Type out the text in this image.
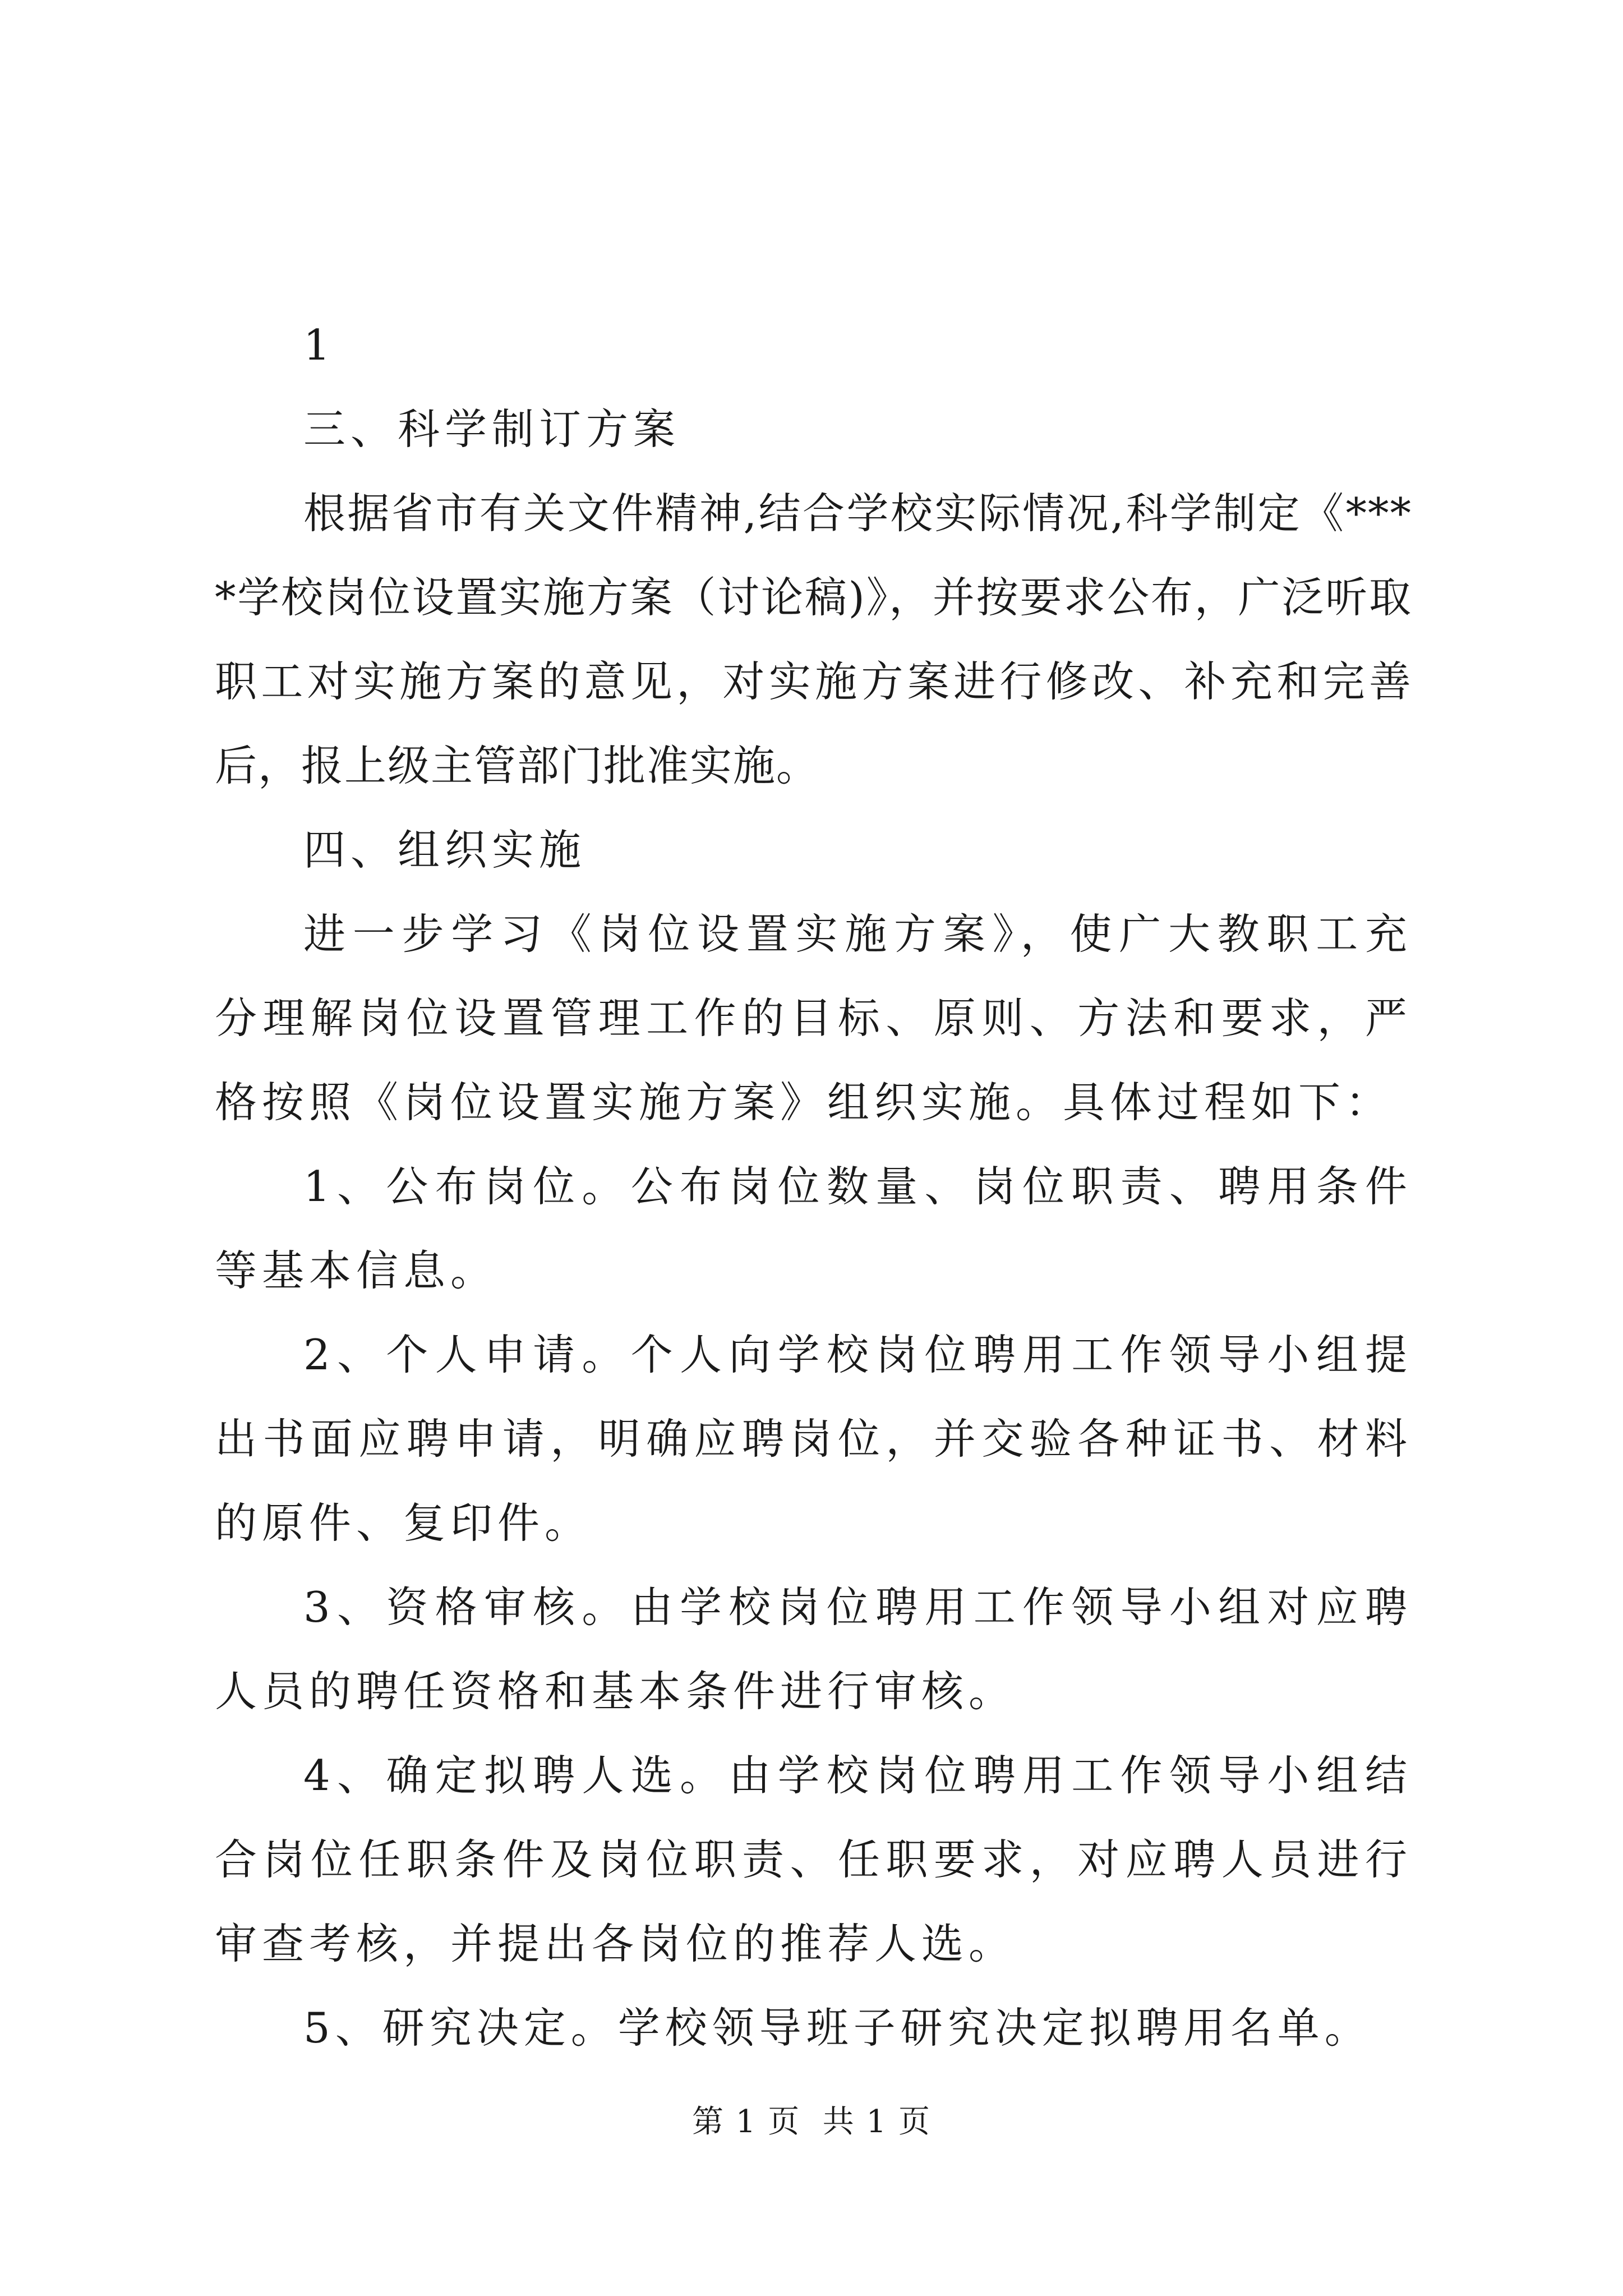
1

三、科学制订方案

根据省市有关文件精神,结合学校实际情况,科学制定《****学校岗位设置实施方案（讨论稿)》，并按要求公布，广泛听取职工对实施方案的意见，对实施方案进行修改、补充和完善后，报上级主管部门批准实施。

四、组织实施

进一步学习《岗位设置实施方案》，使广大教职工充分理解岗位设置管理工作的目标、原则、方法和要求，严格按照《岗位设置实施方案》组织实施。具体过程如下：

1、公布岗位。公布岗位数量、岗位职责、聘用条件等基本信息。

2、个人申请。个人向学校岗位聘用工作领导小组提出书面应聘申请，明确应聘岗位，并交验各种证书、材料的原件、复印件。

3、资格审核。由学校岗位聘用工作领导小组对应聘人员的聘任资格和基本条件进行审核。

4、确定拟聘人选。由学校岗位聘用工作领导小组结合岗位任职条件及岗位职责、任职要求，对应聘人员进行审查考核，并提出各岗位的推荐人选。

5、研究决定。学校领导班子研究决定拟聘用名单。

第 1 页  共 1 页
